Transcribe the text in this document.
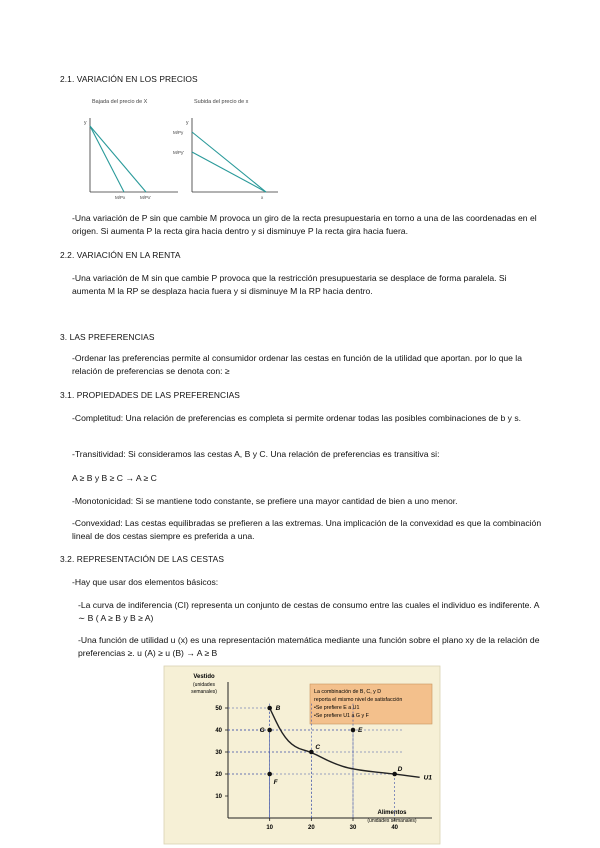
2.1. VARIACIÓN EN LOS PRECIOS

Bajada del precio de X
y
M/Px	M/Px'
Subida del precio de x
y
M/Py
M/Py'
x

-Una variación de P sin que cambie M provoca un giro de la recta presupuestaria en torno a una de las coordenadas en el origen. Si aumenta P la recta gira hacia dentro y si disminuye P la recta gira hacia fuera.

2.2. VARIACIÓN EN LA RENTA

-Una variación de M sin que cambie P provoca que la restricción presupuestaria se desplace de forma paralela. Si aumenta M la RP se desplaza hacia fuera y si disminuye M la RP hacia dentro.

3. LAS PREFERENCIAS

-Ordenar las preferencias permite al consumidor ordenar las cestas en función de la utilidad que aportan. por lo que la relación de preferencias se denota con: ≥

3.1. PROPIEDADES DE LAS PREFERENCIAS

-Completitud: Una relación de preferencias es completa si permite ordenar todas las posibles combinaciones de b y s.

-Transitividad: Si consideramos las cestas A, B y C. Una relación de preferencias es transitiva si:

A ≥ B y B ≥ C → A ≥ C

-Monotonicidad: Si se mantiene todo constante, se prefiere una mayor cantidad de bien a uno menor.

-Convexidad: Las cestas equilibradas se prefieren a las extremas. Una implicación de la convexidad es que la combinación lineal de dos cestas siempre es preferida a una.

3.2. REPRESENTACIÓN DE LAS CESTAS

-Hay que usar dos elementos básicos:

-La curva de indiferencia (CI) representa un conjunto de cestas de consumo entre las cuales el individuo es indiferente. A ∼ B ( A ≥ B y B ≥ A)

-Una función de utilidad u (x) es una representación matemática mediante una función sobre el plano xy de la relación de preferencias ≥. u (A) ≥ u (B) → A ≥ B

Vestido
(unidades
semanales)	La combinación de B, C, y D
reporta el mismo nivel de satisfacción
•Se prefiere E a U1
•Se prefiere U1 a G y F
Alimentos
(unidades semanales)
10	20	30	40
10
20
30
40
50
U1
B
G
C
E
F
D
